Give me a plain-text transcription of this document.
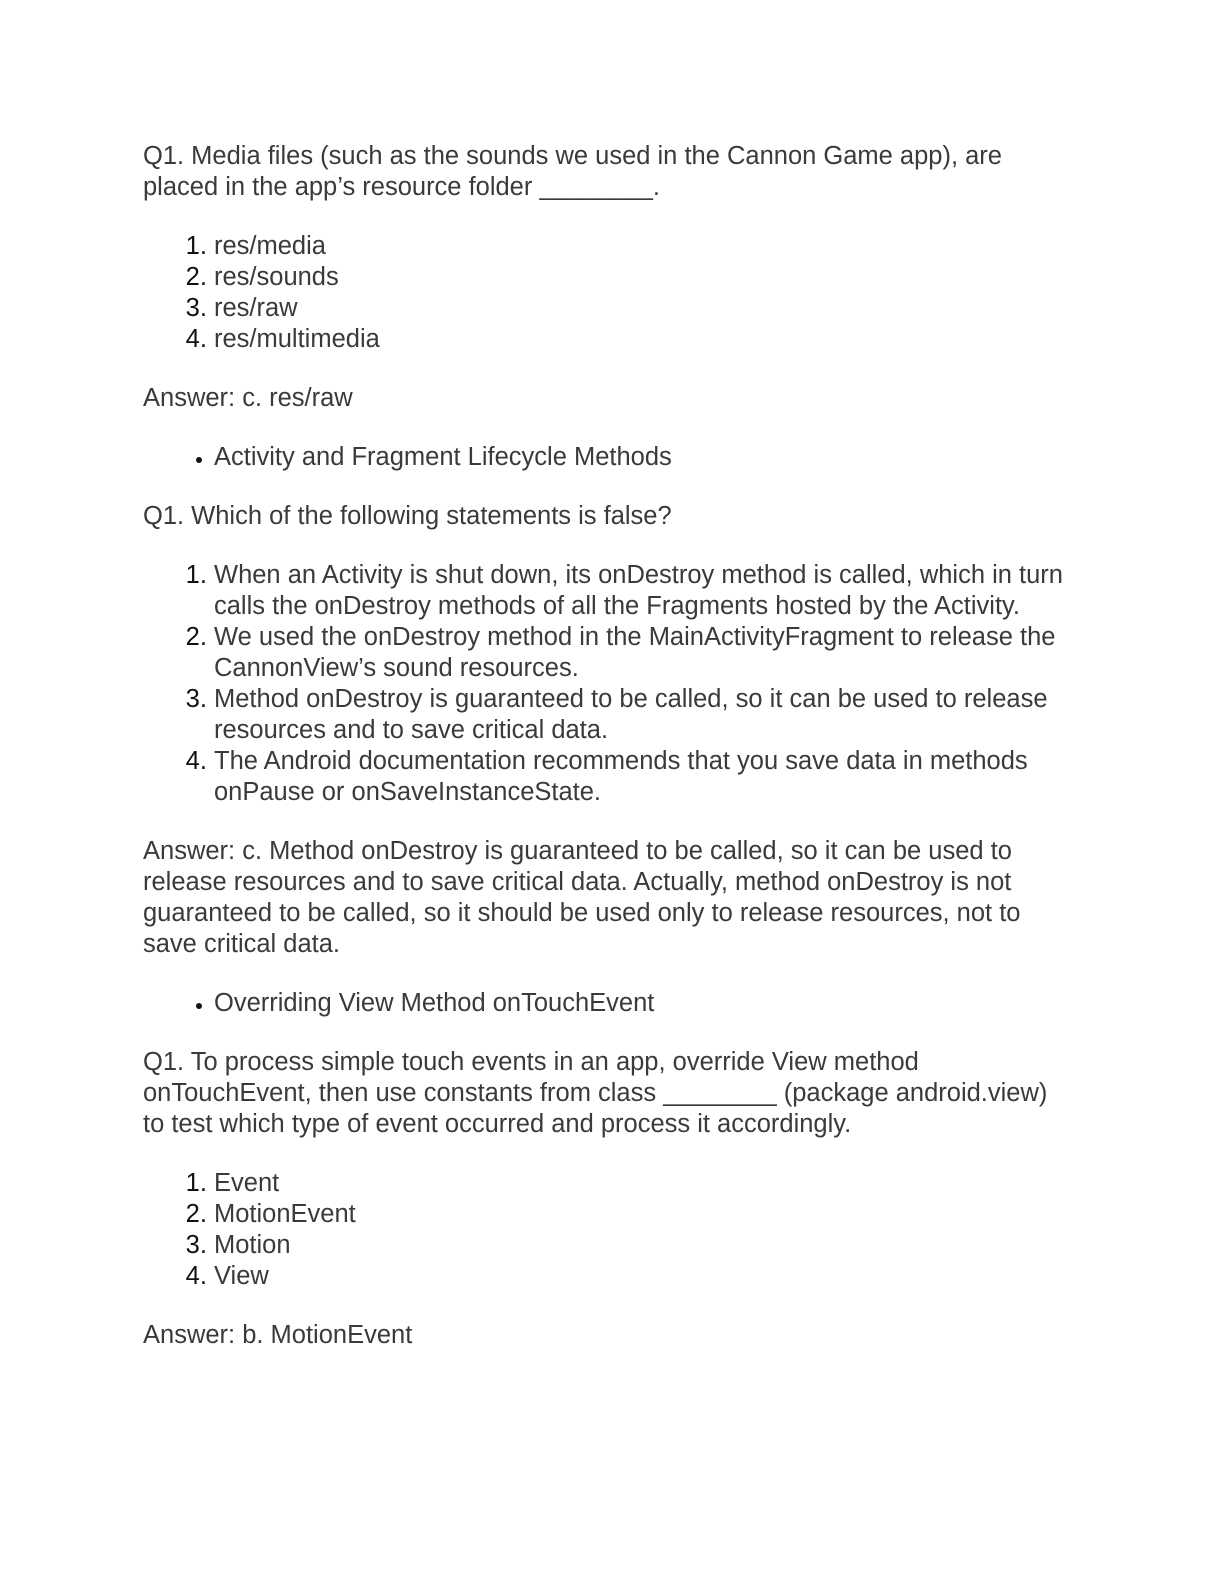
Q1. Media files (such as the sounds we used in the Cannon Game app), are placed in the app’s resource folder ________.

1. res/media
2. res/sounds
3. res/raw
4. res/multimedia

Answer: c. res/raw

• Activity and Fragment Lifecycle Methods

Q1. Which of the following statements is false?

1. When an Activity is shut down, its onDestroy method is called, which in turn calls the onDestroy methods of all the Fragments hosted by the Activity.
2. We used the onDestroy method in the MainActivityFragment to release the CannonView’s sound resources.
3. Method onDestroy is guaranteed to be called, so it can be used to release resources and to save critical data.
4. The Android documentation recommends that you save data in methods onPause or onSaveInstanceState.

Answer: c. Method onDestroy is guaranteed to be called, so it can be used to release resources and to save critical data. Actually, method onDestroy is not guaranteed to be called, so it should be used only to release resources, not to save critical data.

• Overriding View Method onTouchEvent

Q1. To process simple touch events in an app, override View method onTouchEvent, then use constants from class ________ (package android.view) to test which type of event occurred and process it accordingly.

1. Event
2. MotionEvent
3. Motion
4. View

Answer: b. MotionEvent
